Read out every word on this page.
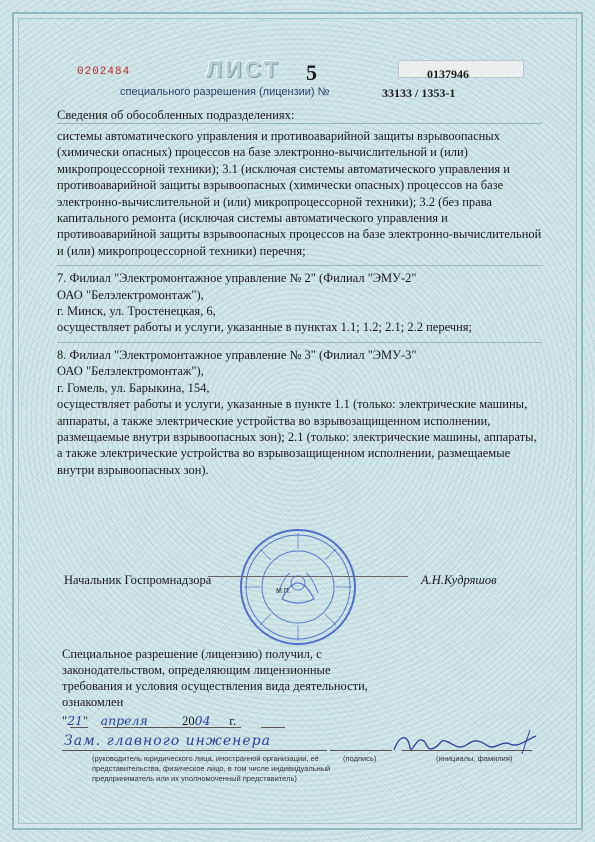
0202484	ЛИСТ 5	0137946
специального разрешения (лицензии) №	33133 / 1353-1
Сведения об обособленных подразделениях:

системы автоматического управления и противоаварийной защиты взрывоопасных (химически опасных) процессов на базе электронно-вычислительной и (или) микропроцессорной техники); 3.1 (исключая системы автоматического управления и противоаварийной защиты взрывоопасных (химически опасных) процессов на базе электронно-вычислительной и (или) микропроцессорной техники); 3.2 (без права капитального ремонта (исключая системы автоматического управления и противоаварийной защиты взрывоопасных процессов на базе электронно-вычислительной и (или) микропроцессорной техники) перечня;

7. Филиал "Электромонтажное управление № 2" (Филиал "ЭМУ-2"
ОАО "Белэлектромонтаж"),
г. Минск, ул. Тростенецкая, 6,
осуществляет работы и услуги, указанные в пунктах 1.1; 1.2; 2.1; 2.2 перечня;

8. Филиал "Электромонтажное управление № 3" (Филиал "ЭМУ-3"
ОАО "Белэлектромонтаж"),
г. Гомель, ул. Барыкина, 154,
осуществляет работы и услуги, указанные в пункте 1.1 (только: электрические машины, аппараты, а также электрические устройства во взрывозащищенном исполнении, размещаемые внутри взрывоопасных зон); 2.1 (только: электрические машины, аппараты, а также электрические устройства во взрывозащищенном исполнении, размещаемые внутри взрывоопасных зон).

М.П.
Начальник Госпромнадзора	А.Н.Кудряшов
Специальное разрешение (лицензию) получил, с законодательством, определяющим лицензионные требования и условия осуществления вида деятельности, ознакомлен
"21"    апреля	2004 г.
Зам. главного инженера
(руководитель юридического лица, иностранной организации, её представительства, физическое лицо, в том числе индивидуальный предприниматель или их уполномоченный представитель)
(подпись)	(инициалы, фамилия)
